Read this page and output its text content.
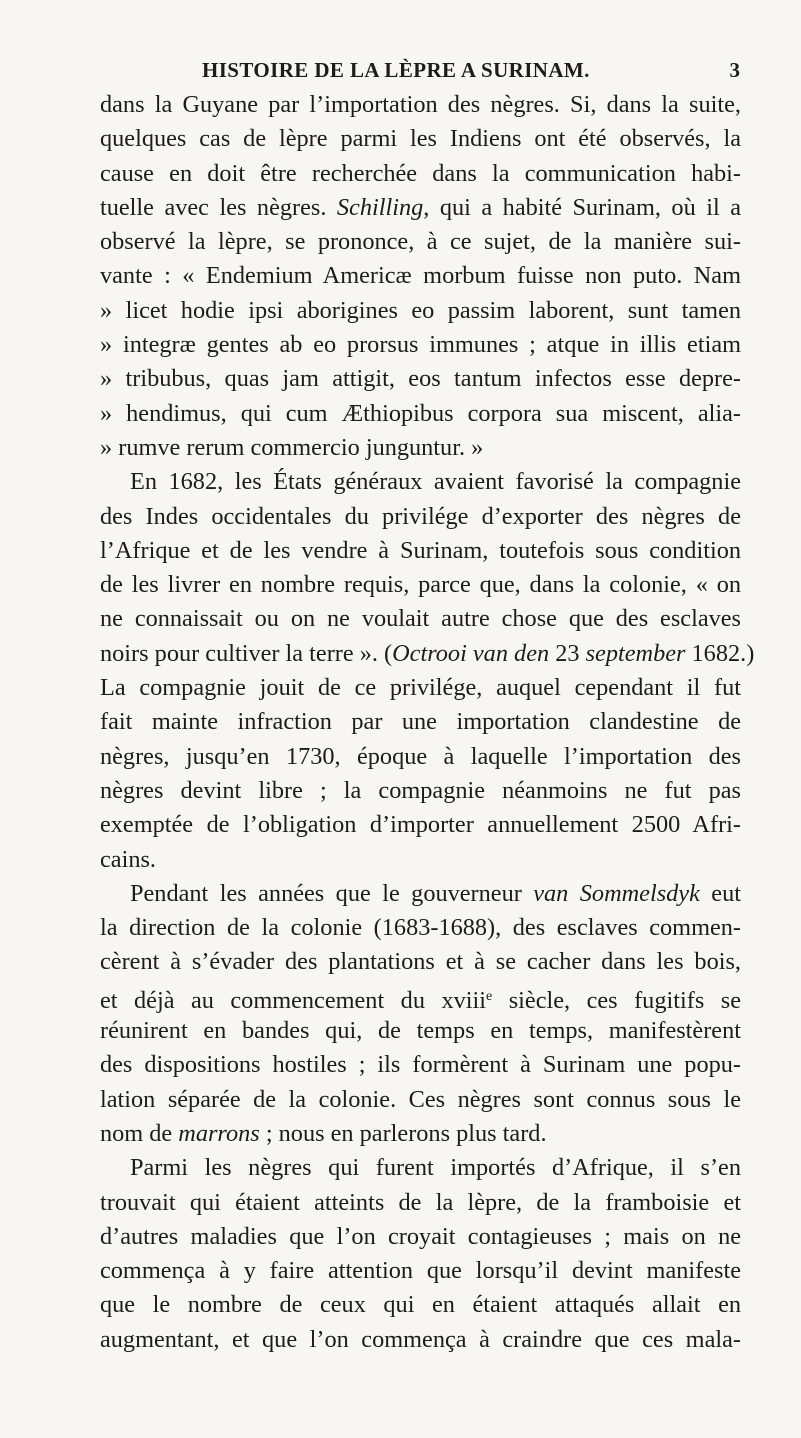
HISTOIRE DE LA LÈPRE A SURINAM.	3
dans la Guyane par l’importation des nègres. Si, dans la suite,
quelques cas de lèpre parmi les Indiens ont été observés, la
cause en doit être recherchée dans la communication habi-
tuelle avec les nègres. Schilling, qui a habité Surinam, où il a
observé la lèpre, se prononce, à ce sujet, de la manière sui-
vante : « Endemium Americæ morbum fuisse non puto. Nam
» licet hodie ipsi aborigines eo passim laborent, sunt tamen
» integræ gentes ab eo prorsus immunes ; atque in illis etiam
» tribubus, quas jam attigit, eos tantum infectos esse depre-
» hendimus, qui cum Æthiopibus corpora sua miscent, alia-
» rumve rerum commercio junguntur. »
En 1682, les États généraux avaient favorisé la compagnie
des Indes occidentales du privilége d’exporter des nègres de
l’Afrique et de les vendre à Surinam, toutefois sous condition
de les livrer en nombre requis, parce que, dans la colonie, « on
ne connaissait ou on ne voulait autre chose que des esclaves
noirs pour cultiver la terre ». (Octrooi van den 23 september 1682.)
La compagnie jouit de ce privilége, auquel cependant il fut
fait mainte infraction par une importation clandestine de
nègres, jusqu’en 1730, époque à laquelle l’importation des
nègres devint libre ; la compagnie néanmoins ne fut pas
exemptée de l’obligation d’importer annuellement 2500 Afri-
cains.
Pendant les années que le gouverneur van Sommelsdyk eut
la direction de la colonie (1683-1688), des esclaves commen-
cèrent à s’évader des plantations et à se cacher dans les bois,
et déjà au commencement du xviii$^e$ siècle, ces fugitifs se
réunirent en bandes qui, de temps en temps, manifestèrent
des dispositions hostiles ; ils formèrent à Surinam une popu-
lation séparée de la colonie. Ces nègres sont connus sous le
nom de marrons ; nous en parlerons plus tard.
Parmi les nègres qui furent importés d’Afrique, il s’en
trouvait qui étaient atteints de la lèpre, de la framboisie et
d’autres maladies que l’on croyait contagieuses ; mais on ne
commença à y faire attention que lorsqu’il devint manifeste
que le nombre de ceux qui en étaient attaqués allait en
augmentant, et que l’on commença à craindre que ces mala-
